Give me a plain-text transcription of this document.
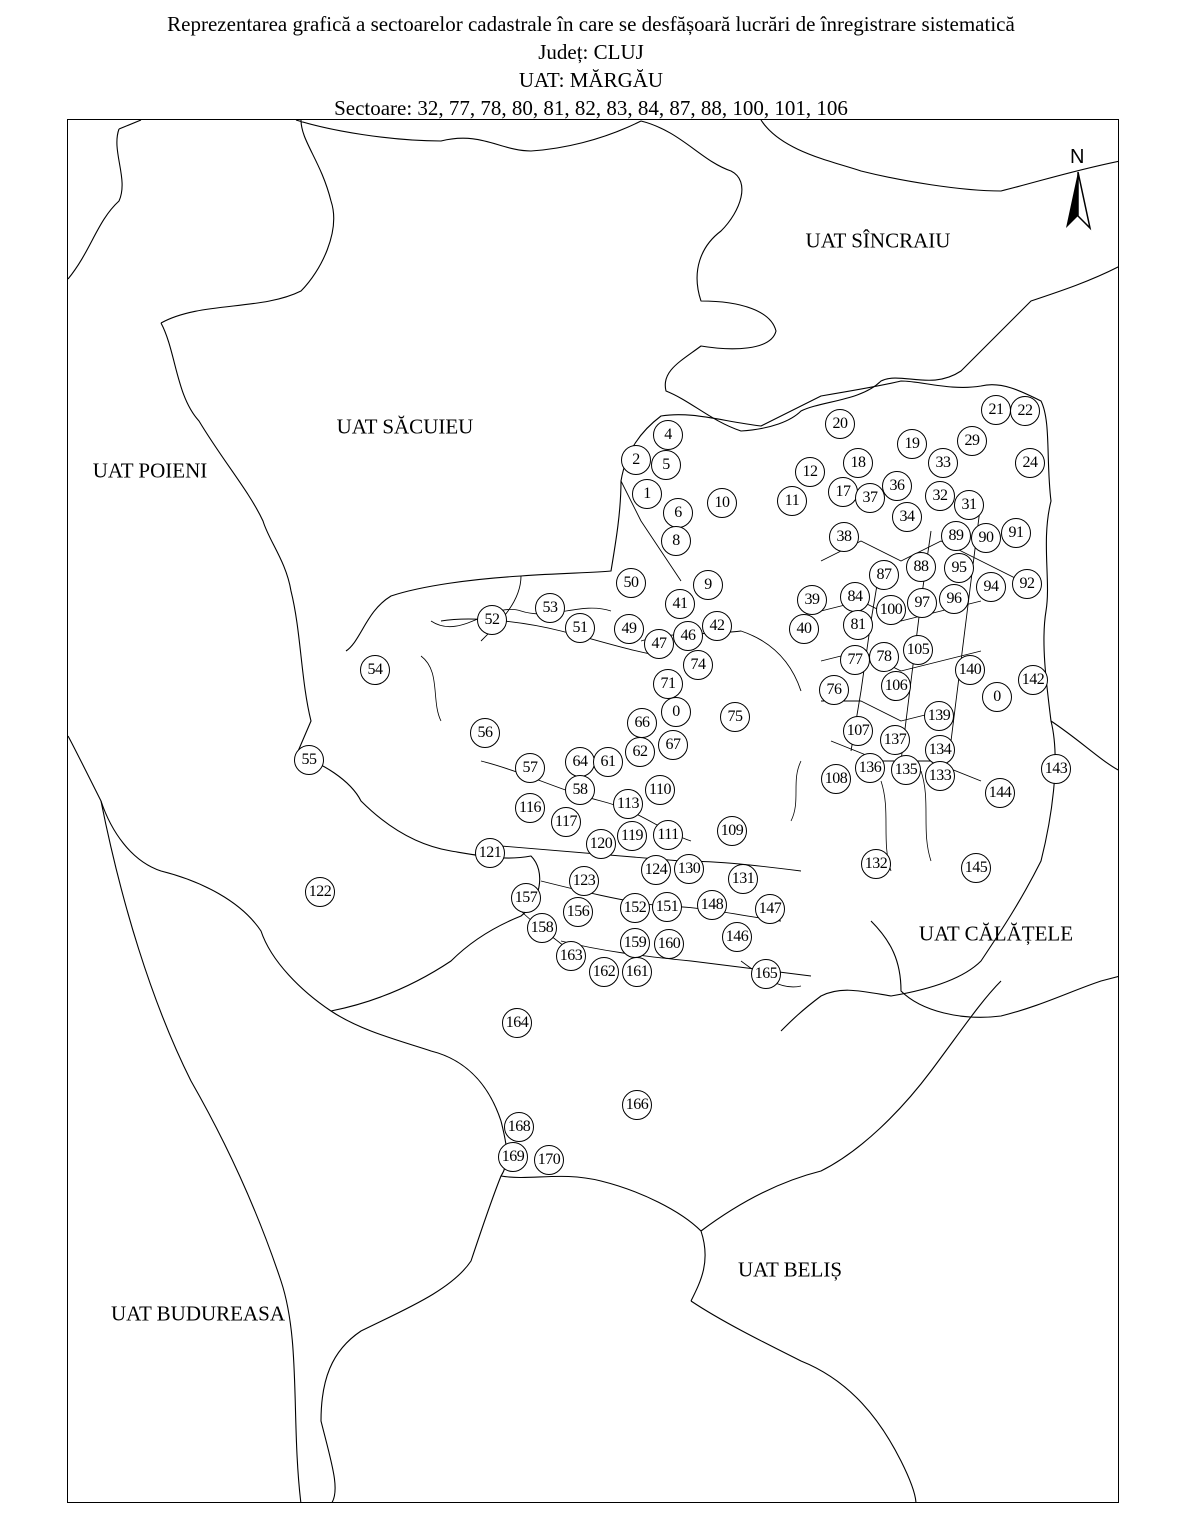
Reprezentarea grafică a sectoarelor cadastrale în care se desfășoară lucrări de înregistrare sistematică

Județ: CLUJ

UAT: MĂRGĂU

Sectoare: 32, 77, 78, 80, 81, 82, 83, 84, 87, 88, 100, 101, 106

N
UAT SÎNCRAIU
UAT SĂCUIEU
UAT POIENI
UAT CĂLĂȚELE
UAT BELIȘ
UAT BUDUREASA
4
2	5
1
6
10
8
9
50
53
52	51	49
41
47 46
42
54	74
71
0	75
66
56
57	64 61
62	67
58	110
113
116
117
120 119 111	109
121
122
123
124 130
131
157
156 152 151 148 147
158
159 160	146
163
162 161	165
164
166
168
169 170
55
20
21 22
19	29
33	24
12
18
11
17 37
36
32
31
34
38	89 90 91
87	88	95
84	97	96
94	92
39
100
40	81
105
77 78
140
142
0
76	106
139
107
137
134
108
136 135 133	143
144
132	145
